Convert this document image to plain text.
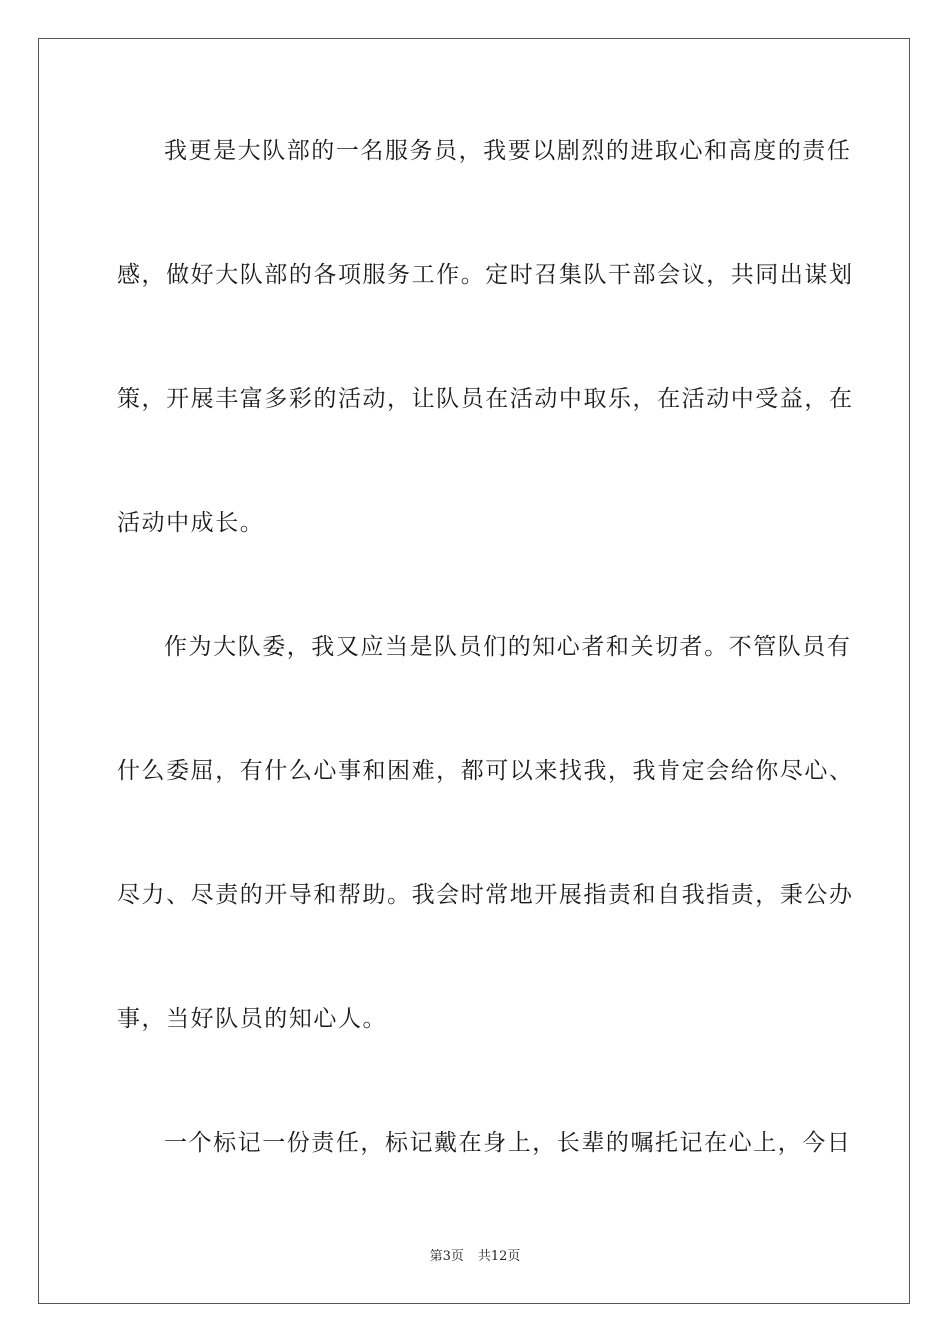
我更是大队部的一名服务员，我要以剧烈的进取心和高度的责任
感，做好大队部的各项服务工作。定时召集队干部会议，共同出谋划
策，开展丰富多彩的活动，让队员在活动中取乐，在活动中受益，在
活动中成长。
作为大队委，我又应当是队员们的知心者和关切者。不管队员有
什么委屈，有什么心事和困难，都可以来找我，我肯定会给你尽心、
尽力、尽责的开导和帮助。我会时常地开展指责和自我指责，秉公办
事，当好队员的知心人。
一个标记一份责任，标记戴在身上，长辈的嘱托记在心上，今日
第3页 共12页
